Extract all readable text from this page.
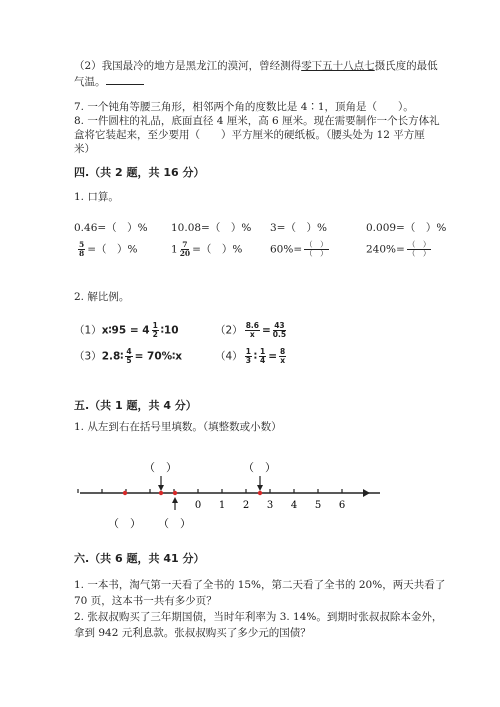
（2）我国最冷的地方是黑龙江的漠河，曾经测得零下五十八点七摄氏度的最低
气温。
7. 一个钝角等腰三角形，相邻两个角的度数比是 4∶1，顶角是（　　）。
8. 一件圆柱的礼品，底面直径 4 厘米，高 6 厘米。现在需要制作一个长方体礼
盒将它装起来，至少要用（　　）平方厘米的硬纸板。（腰头处为 12 平方厘
米）
四.（共 2 题，共 16 分）
1. 口算。
0.46=（　）% 10.08=（　）% 3=（　）%	0.009=（　）%
$\frac{5}{8}$ =（　）%	$1 \frac{7}{20}$ =（　）%	$60\%= \frac{( )}{( )}$	$240\%= \frac{( )}{( )}$
2. 解比例。
（1）x∶95 = $4 \frac{1}{2}$ ∶10	$(2) \frac{8.6}{x} = \frac{43}{0.5}$
（3）2.8∶ $\frac{4}{5}$ = 70%∶x	$(4) \frac{1}{3}$ ∶ $\frac{1}{4} = \frac{8}{x}$
五.（共 1 题，共 4 分）
1. 从左到右在括号里填数。（填整数或小数）
0 1 2 3 4 5 6
（　）	（　）
（　） （　）
六.（共 6 题，共 41 分）
1. 一本书，淘气第一天看了全书的 15%，第二天看了全书的 20%，两天共看了
70 页，这本书一共有多少页？
2. 张叔叔购买了三年期国债，当时年利率为 3. 14%。到期时张叔叔除本金外，
拿到 942 元利息款。张叔叔购买了多少元的国债？
